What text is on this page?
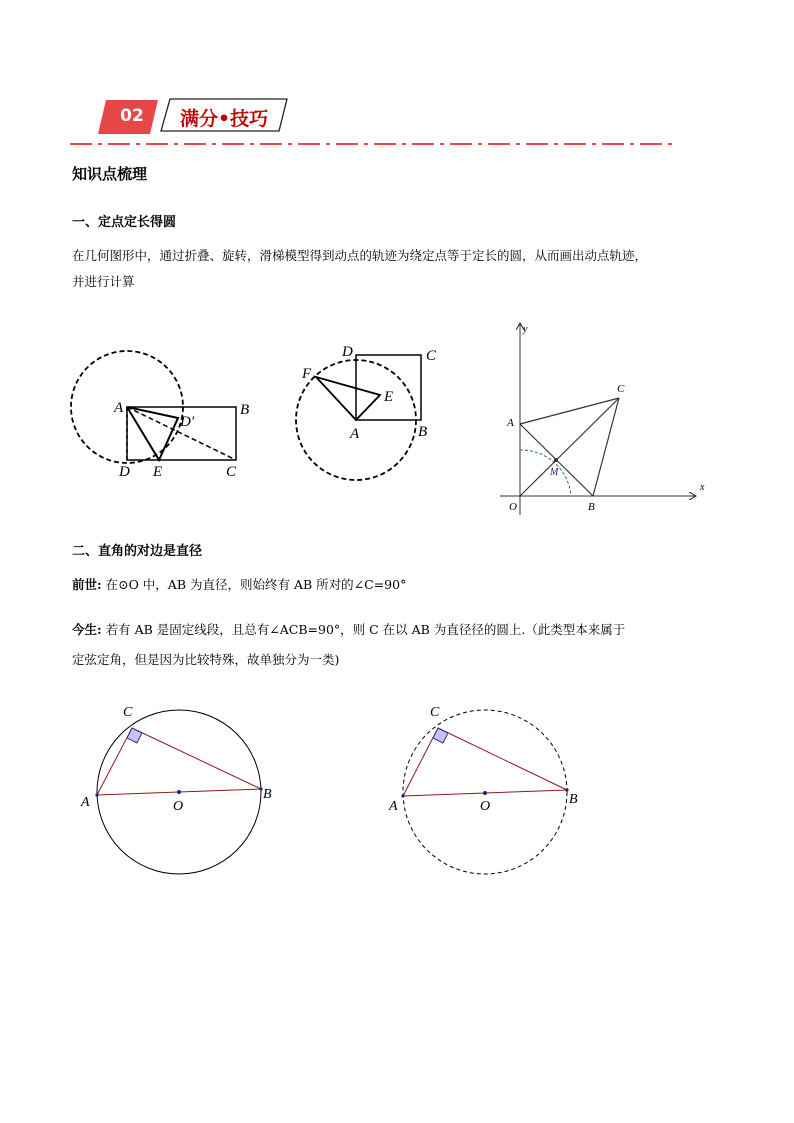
02	满分•技巧
知识点梳理
一、定点定长得圆
在几何图形中，通过折叠、旋转，滑梯模型得到动点的轨迹为绕定点等于定长的圆，从而画出动点轨迹，
并进行计算
A	B
C
D E
D′
D	C
F
E
A	B
y
x
O
A
B
C
M
二、直角的对边是直径
前世: 在⊙O 中，AB 为直径，则始终有 AB 所对的∠C=90°
今生: 若有 AB 是固定线段，且总有∠ACB=90°，则 C 在以 AB 为直径径的圆上.（此类型本来属于
定弦定角，但是因为比较特殊，故单独分为一类)
C
A
B
O
C
A	B
O
